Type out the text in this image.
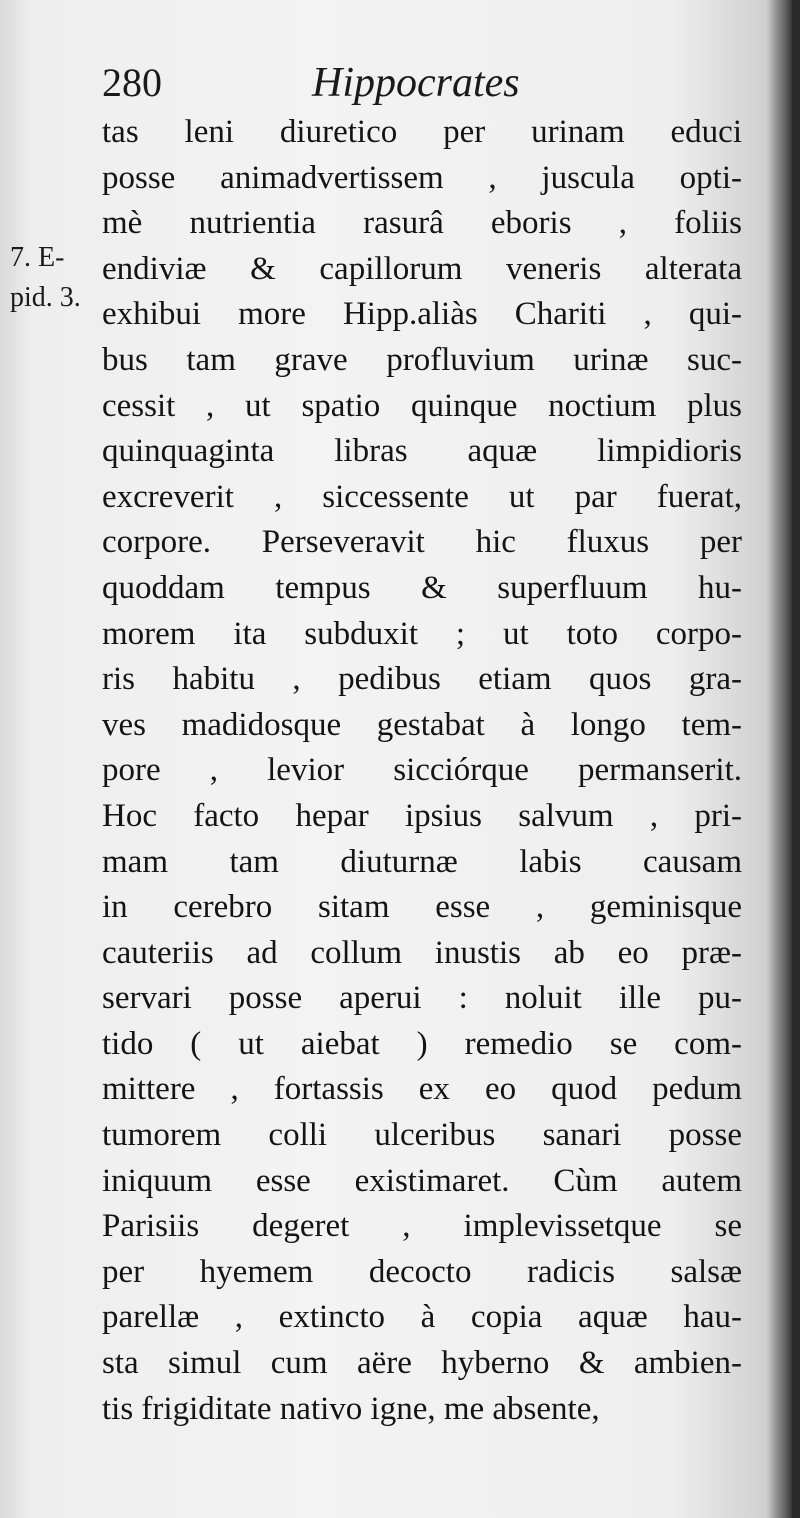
280	Hippocrates
7. E-
pid. 3.
tas leni diuretico per urinam educi
posse animadvertissem , juscula opti-
mè nutrientia rasurâ eboris , foliis
endiviæ & capillorum veneris alterata
exhibui more Hipp.aliàs Chariti , qui-
bus tam grave profluvium urinæ suc-
cessit , ut spatio quinque noctium plus
quinquaginta libras aquæ limpidioris
excreverit , siccessente ut par fuerat,
corpore. Perseveravit hic fluxus per
quoddam tempus & superfluum hu-
morem ita subduxit ; ut toto corpo-
ris habitu , pedibus etiam quos gra-
ves madidosque gestabat à longo tem-
pore , levior sicciórque permanserit.
Hoc facto hepar ipsius salvum , pri-
mam tam diuturnæ labis causam
in cerebro sitam esse , geminisque
cauteriis ad collum inustis ab eo præ-
servari posse aperui : noluit ille pu-
tido ( ut aiebat ) remedio se com-
mittere , fortassis ex eo quod pedum
tumorem colli ulceribus sanari posse
iniquum esse existimaret. Cùm autem
Parisiis degeret , implevissetque se
per hyemem decocto radicis salsæ
parellæ , extincto à copia aquæ hau-
sta simul cum aëre hyberno & ambien-
tis frigiditate nativo igne, me absente,
